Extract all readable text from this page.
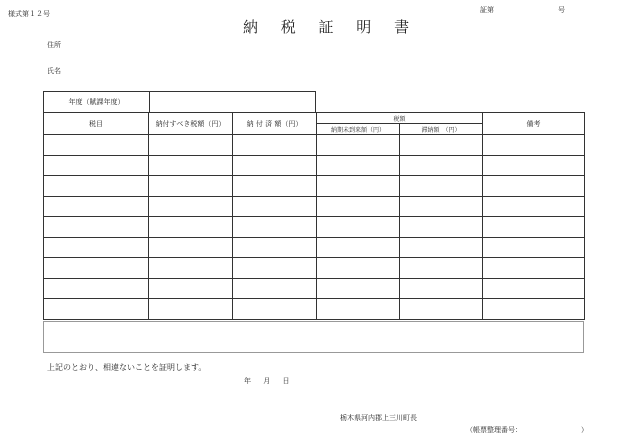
様式第１２号	証第	号
納 税 証 明 書
住所
氏名
年度（賦課年度）
税目	納付すべき税額（円）	納 付 済 額（円）	税額		備考
			納期未到来額（円）	滞納額　（円）	

上記のとおり、相違ないことを証明します。
年 月 日
栃木県河内郡上三川町長
（帳票整理番号：	）
